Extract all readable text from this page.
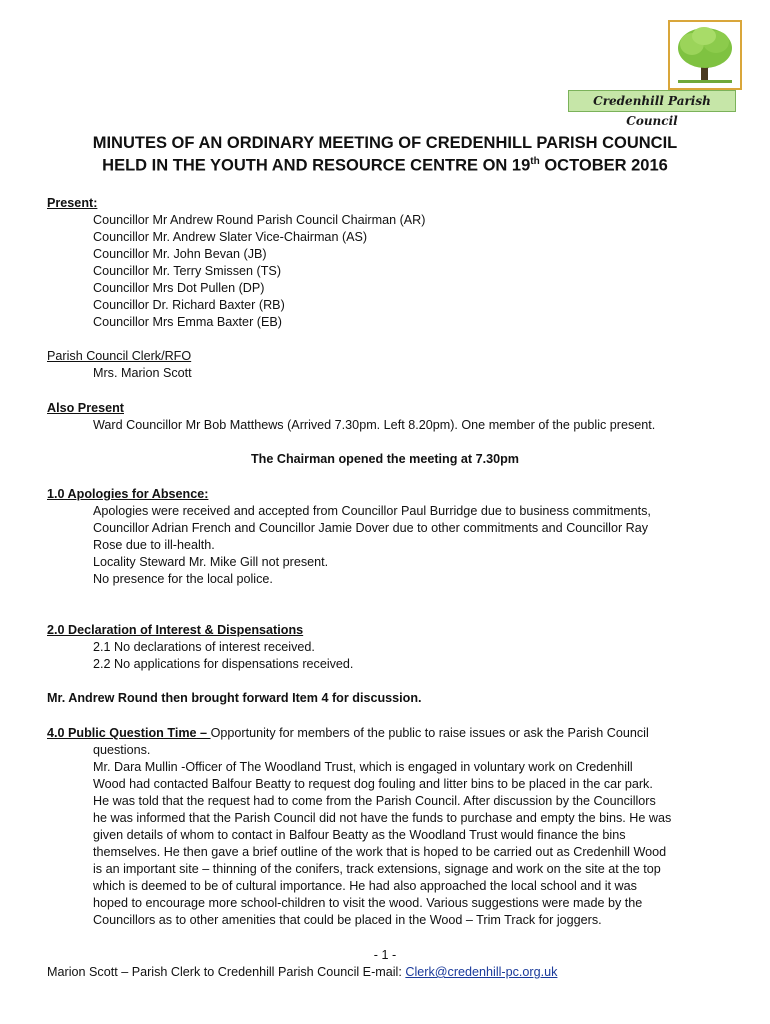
Credenhill Parish Council
MINUTES OF AN ORDINARY MEETING OF CREDENHILL PARISH COUNCIL
HELD IN THE YOUTH AND RESOURCE CENTRE ON 19th OCTOBER 2016
Present:
Councillor Mr Andrew Round Parish Council Chairman (AR)
Councillor Mr. Andrew Slater Vice-Chairman (AS)
Councillor Mr. John Bevan (JB)
Councillor Mr. Terry Smissen (TS)
Councillor Mrs Dot Pullen (DP)
Councillor Dr. Richard Baxter (RB)
Councillor Mrs Emma Baxter (EB)
Parish Council Clerk/RFO
Mrs. Marion Scott
Also Present
Ward Councillor Mr Bob Matthews (Arrived 7.30pm. Left 8.20pm). One member of the public present.
The Chairman opened the meeting at 7.30pm
1.0 Apologies for Absence:
Apologies were received and accepted from Councillor Paul Burridge due to business commitments,
Councillor Adrian French and Councillor Jamie Dover due to other commitments and Councillor Ray
Rose due to ill-health.
Locality Steward Mr. Mike Gill not present.
No presence for the local police.
2.0 Declaration of Interest & Dispensations
2.1 No declarations of interest received.
2.2 No applications for dispensations received.
Mr. Andrew Round then brought forward Item 4 for discussion.
4.0 Public Question Time – Opportunity for members of the public to raise issues or ask the Parish Council
questions.
Mr. Dara Mullin -Officer of The Woodland Trust, which is engaged in voluntary work on Credenhill
Wood had contacted Balfour Beatty to request dog fouling and litter bins to be placed in the car park.
He was told that the request had to come from the Parish Council. After discussion by the Councillors
he was informed that the Parish Council did not have the funds to purchase and empty the bins. He was
given details of whom to contact in Balfour Beatty as the Woodland Trust would finance the bins
themselves. He then gave a brief outline of the work that is hoped to be carried out as Credenhill Wood
is an important site – thinning of the conifers, track extensions, signage and work on the site at the top
which is deemed to be of cultural importance. He had also approached the local school and it was
hoped to encourage more school-children to visit the wood. Various suggestions were made by the
Councillors as to other amenities that could be placed in the Wood – Trim Track for joggers.
- 1 -
Marion Scott – Parish Clerk to Credenhill Parish Council E-mail: Clerk@credenhill-pc.org.uk
